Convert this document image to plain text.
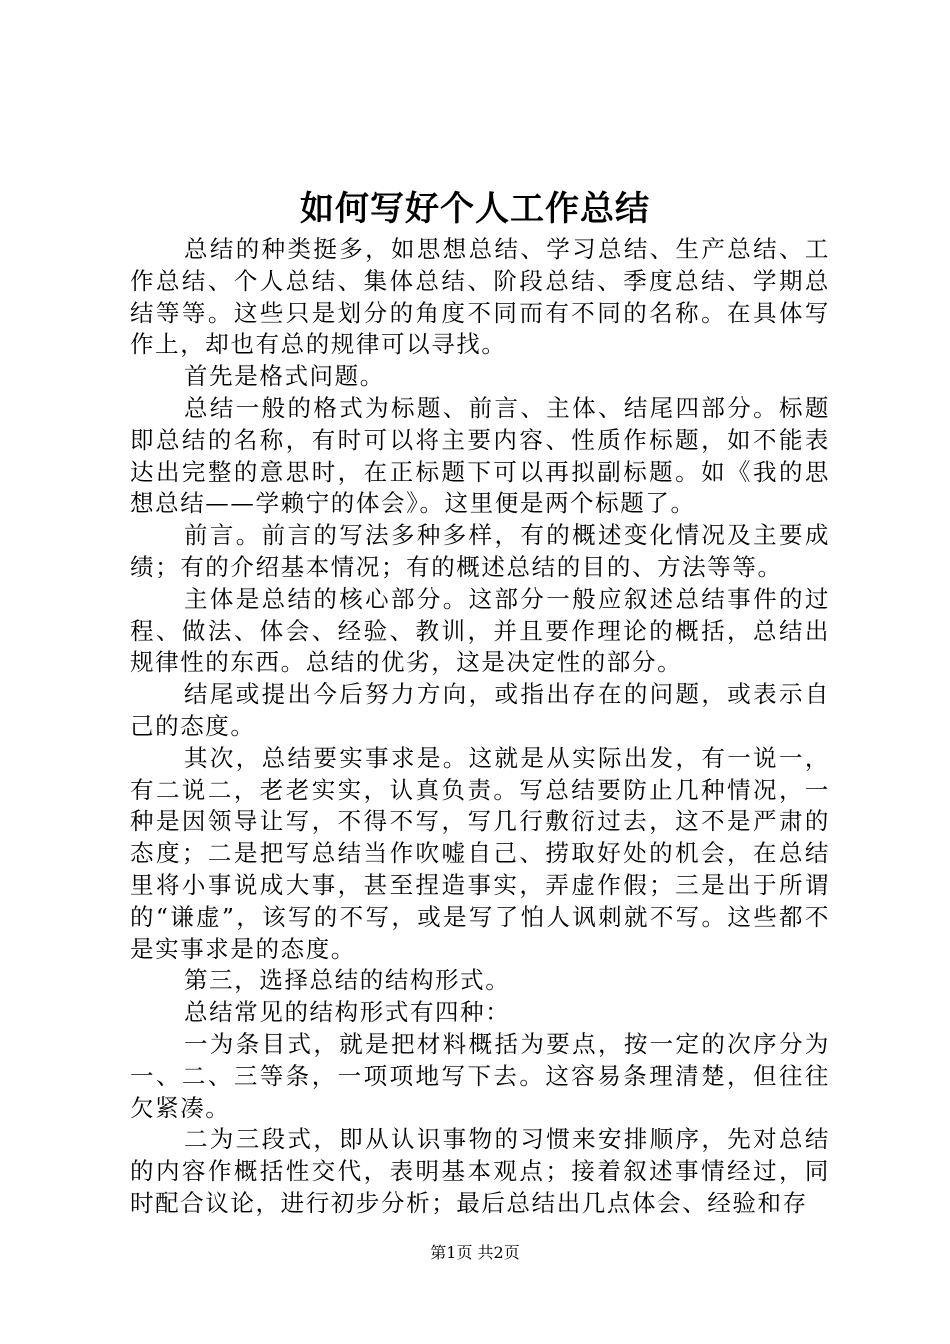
如何写好个人工作总结

总结的种类挺多，如思想总结、学习总结、生产总结、工作总结、个人总结、集体总结、阶段总结、季度总结、学期总结等等。这些只是划分的角度不同而有不同的名称。在具体写作上，却也有总的规律可以寻找。

首先是格式问题。

总结一般的格式为标题、前言、主体、结尾四部分。标题即总结的名称，有时可以将主要内容、性质作标题，如不能表达出完整的意思时，在正标题下可以再拟副标题。如《我的思想总结——学赖宁的体会》。这里便是两个标题了。

前言。前言的写法多种多样，有的概述变化情况及主要成绩；有的介绍基本情况；有的概述总结的目的、方法等等。

主体是总结的核心部分。这部分一般应叙述总结事件的过程、做法、体会、经验、教训，并且要作理论的概括，总结出规律性的东西。总结的优劣，这是决定性的部分。

结尾或提出今后努力方向，或指出存在的问题，或表示自己的态度。

其次，总结要实事求是。这就是从实际出发，有一说一，有二说二，老老实实，认真负责。写总结要防止几种情况，一种是因领导让写，不得不写，写几行敷衍过去，这不是严肃的态度；二是把写总结当作吹嘘自己、捞取好处的机会，在总结里将小事说成大事，甚至捏造事实，弄虚作假；三是出于所谓的“谦虚”，该写的不写，或是写了怕人讽刺就不写。这些都不是实事求是的态度。

第三，选择总结的结构形式。

总结常见的结构形式有四种：

一为条目式，就是把材料概括为要点，按一定的次序分为一、二、三等条，一项项地写下去。这容易条理清楚，但往往欠紧凑。

二为三段式，即从认识事物的习惯来安排顺序，先对总结的内容作概括性交代，表明基本观点；接着叙述事情经过，同时配合议论，进行初步分析；最后总结出几点体会、经验和存

第1页 共2页
